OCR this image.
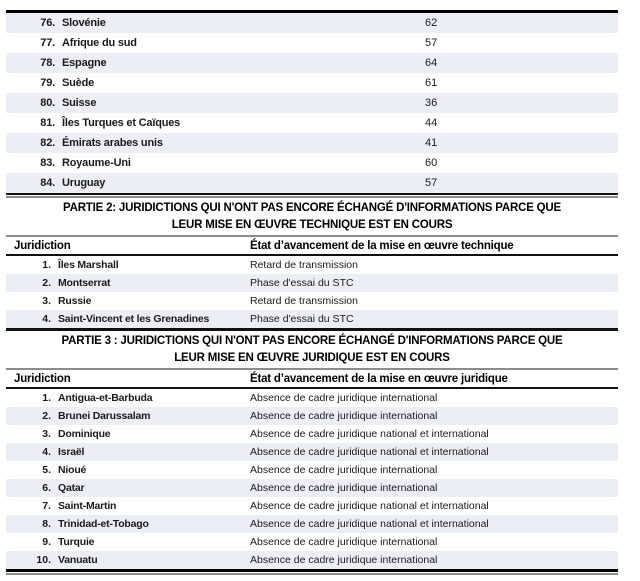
76. Slovénie	62
77. Afrique du sud	57
78. Espagne	64
79. Suède	61
80. Suisse	36
81. Îles Turques et Caïques	44
82. Émirats arabes unis	41
83. Royaume-Uni	60
84. Uruguay	57
PARTIE 2: JURIDICTIONS QUI N'ONT PAS ENCORE ÉCHANGÉ D'INFORMATIONS PARCE QUE
LEUR MISE EN ŒUVRE TECHNIQUE EST EN COURS
Juridiction	État d’avancement de la mise en œuvre technique
1. Îles Marshall	Retard de transmission
2. Montserrat	Phase d'essai du STC
3. Russie	Retard de transmission
4. Saint-Vincent et les Grenadines	Phase d'essai du STC
PARTIE 3 : JURIDICTIONS QUI N'ONT PAS ENCORE ÉCHANGÉ D'INFORMATIONS PARCE QUE
LEUR MISE EN ŒUVRE JURIDIQUE EST EN COURS
Juridiction	État d’avancement de la mise en œuvre juridique
1. Antigua-et-Barbuda	Absence de cadre juridique international
2. Brunei Darussalam	Absence de cadre juridique international
3. Dominique	Absence de cadre juridique national et international
4. Israël	Absence de cadre juridique national et international
5. Nioué	Absence de cadre juridique international
6. Qatar	Absence de cadre juridique international
7. Saint-Martin	Absence de cadre juridique national et international
8. Trinidad-et-Tobago	Absence de cadre juridique national et international
9. Turquie	Absence de cadre juridique international
10. Vanuatu	Absence de cadre juridique international
